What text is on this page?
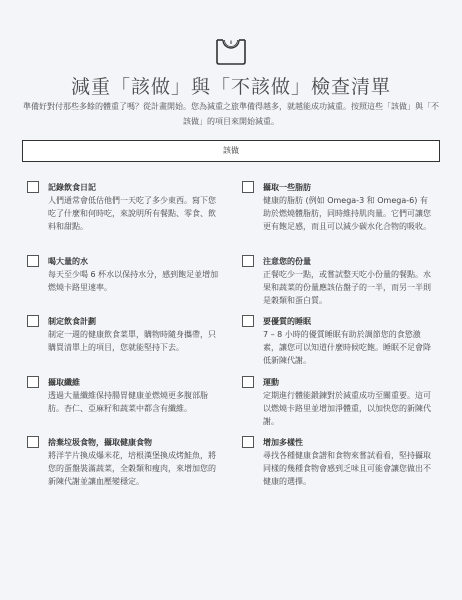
減重「該做」與「不該做」檢查清單

準備好對付那些多餘的體重了嗎？從計畫開始。您為減重之旅準備得越多，就越能成功減重。按照這些「該做」與「不該做」的項目來開始減重。

該做
記錄飲食日記
人們通常會低估他們一天吃了多少東西。寫下您吃了什麼和何時吃，來說明所有餐點、零食、飲料和甜點。
喝大量的水
每天至少喝 6 杯水以保持水分，感到飽足並增加燃燒卡路里速率。
制定飲食計劃
制定一週的健康飲食菜單，購物時隨身攜帶，只購買清單上的項目，您就能堅持下去。
攝取纖維
透過大量纖維保持腸胃健康並燃燒更多腹部脂肪。杏仁、亞麻籽和蔬菜中都含有纖維。
捨棄垃圾食物，攝取健康食物
將洋芋片換成爆米花，培根漢堡換成烤鮭魚，將您的蛋盤裝滿蔬菜，全穀類和瘦肉，來增加您的新陳代謝並讓血壓變穩定。
攝取一些脂肪
健康的脂肪 (例如 Omega-3 和 Omega-6) 有助於燃燒體脂肪，同時維持肌肉量。它們可讓您更有飽足感，而且可以減少碳水化合物的吸收。
注意您的份量
正餐吃少一點，或嘗試整天吃小份量的餐點。水果和蔬菜的份量應該佔盤子的一半，而另一半則是穀類和蛋白質。
要優質的睡眠
7 – 8 小時的優質睡眠有助於調節您的食慾激素，讓您可以知道什麼時候吃飽。睡眠不足會降低新陳代謝。
運動
定期進行體能鍛鍊對於減重成功至關重要。這可以燃燒卡路里並增加淨體重，以加快您的新陳代謝。
增加多樣性
尋找各種健康食譜和食物來嘗試看看，堅持攝取同樣的幾種食物會感到乏味且可能會讓您做出不健康的選擇。
